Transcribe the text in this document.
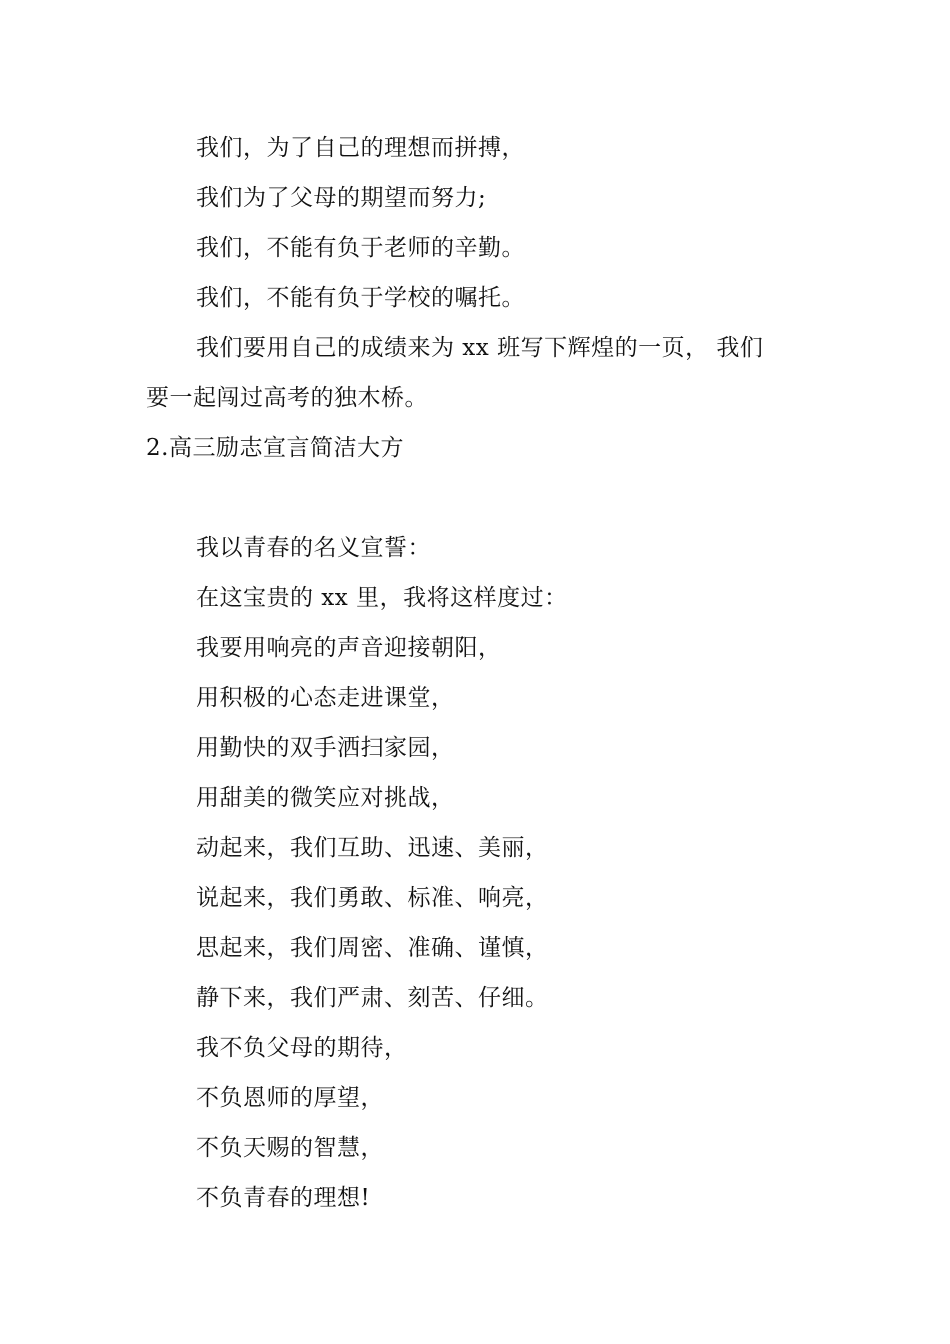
我们，为了自己的理想而拼搏，
我们为了父母的期望而努力;
我们，不能有负于老师的辛勤。
我们，不能有负于学校的嘱托。
我们要用自己的成绩来为 xx 班写下辉煌的一页， 我们
要一起闯过高考的独木桥。
2.高三励志宣言简洁大方
我以青春的名义宣誓：
在这宝贵的 xx 里，我将这样度过：
我要用响亮的声音迎接朝阳，
用积极的心态走进课堂，
用勤快的双手洒扫家园，
用甜美的微笑应对挑战，
动起来，我们互助、迅速、美丽，
说起来，我们勇敢、标准、响亮，
思起来，我们周密、准确、谨慎，
静下来，我们严肃、刻苦、仔细。
我不负父母的期待，
不负恩师的厚望，
不负天赐的智慧，
不负青春的理想!
